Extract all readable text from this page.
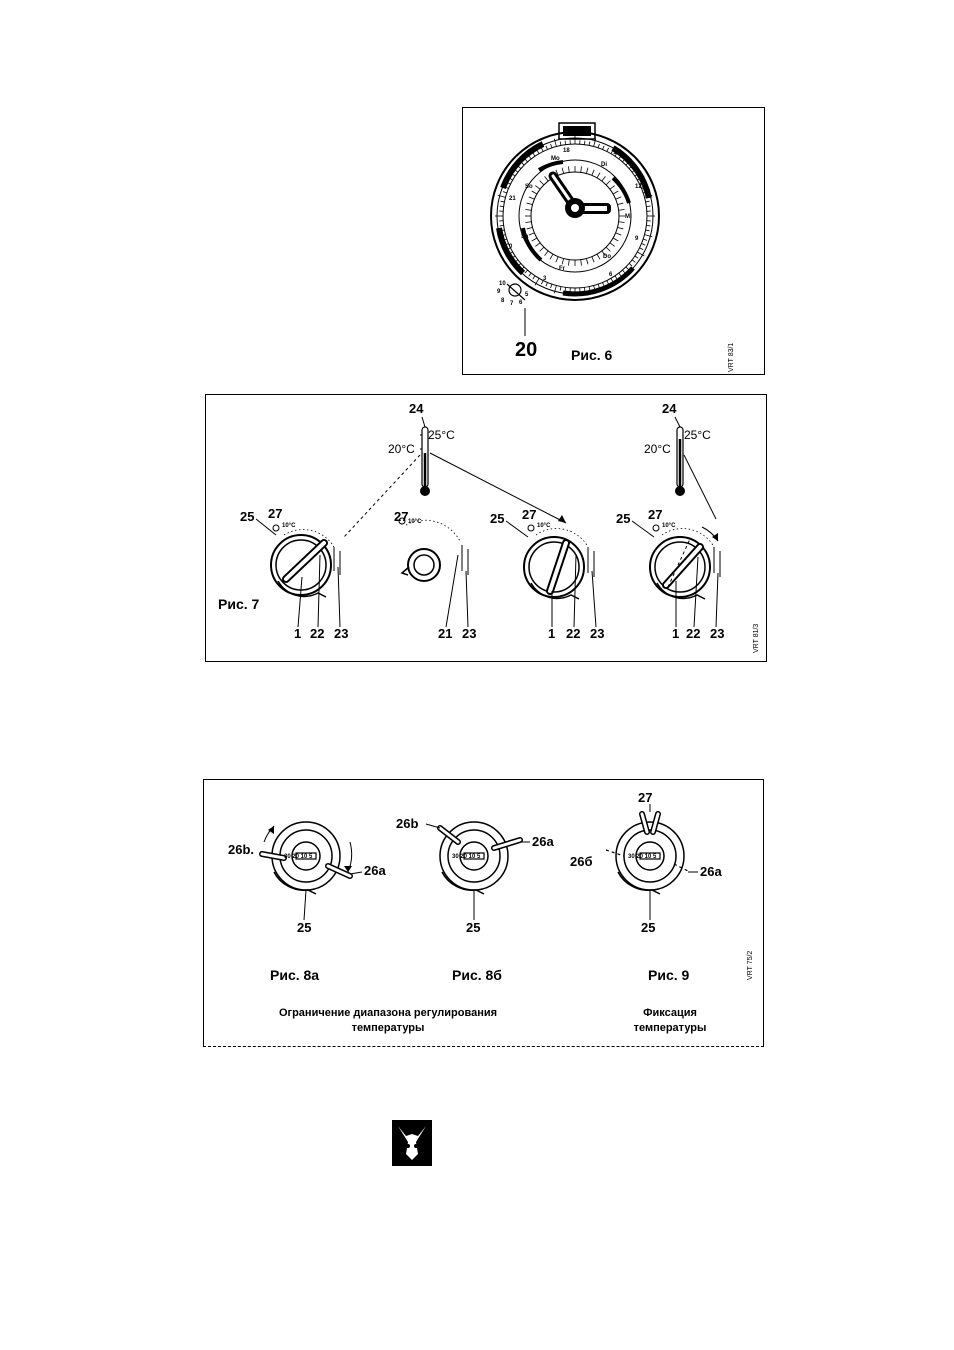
Mo
Di
Mi
Do
Fr
Sa
So
18	15
12
9
6
3
0
21
10
9
8 7 6
5
20 Рис. 6	VRT 83/1
24
25°C
20°C
24
25°C
20°C
10°C
25 27
Рис. 7
1 22 23
10°C
27
21 23
10°C
25 27
1 22 23
10°C
25 27
1 22 23	VRT 81/3
30 20 10 5
26b.
26a
25
30 20 10 5
26b
26a
25
30 20 10 5
27
26б
26a
25
Рис. 8а	Рис. 8б	Рис. 9	VRT 75/2
Ограничение диапазона регулирования
температуры
Фиксация
температуры
